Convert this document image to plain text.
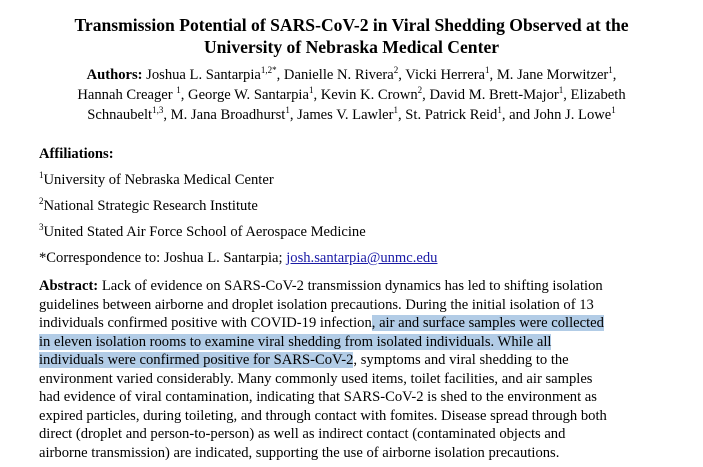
Transmission Potential of SARS-CoV-2 in Viral Shedding Observed at the
University of Nebraska Medical Center
Authors: Joshua L. Santarpia$^{1,2*}$, Danielle N. Rivera$^2$, Vicki Herrera$^1$, M. Jane Morwitzer$^1$,
Hannah Creager $^1$, George W. Santarpia$^1$, Kevin K. Crown$^2$, David M. Brett-Major$^1$, Elizabeth
Schnaubelt$^{1,3}$, M. Jana Broadhurst$^1$, James V. Lawler$^1$, St. Patrick Reid$^1$, and John J. Lowe$^1$
Affiliations:
$^1$University of Nebraska Medical Center
$^2$National Strategic Research Institute
$^3$United Stated Air Force School of Aerospace Medicine
*Correspondence to: Joshua L. Santarpia; josh.santarpia@unmc.edu
Abstract: Lack of evidence on SARS-CoV-2 transmission dynamics has led to shifting isolation
guidelines between airborne and droplet isolation precautions. During the initial isolation of 13
individuals confirmed positive with COVID-19 infection, air and surface samples were collected
in eleven isolation rooms to examine viral shedding from isolated individuals. While all
individuals were confirmed positive for SARS-CoV-2, symptoms and viral shedding to the
environment varied considerably. Many commonly used items, toilet facilities, and air samples
had evidence of viral contamination, indicating that SARS-CoV-2 is shed to the environment as
expired particles, during toileting, and through contact with fomites. Disease spread through both
direct (droplet and person-to-person) as well as indirect contact (contaminated objects and
airborne transmission) are indicated, supporting the use of airborne isolation precautions.
